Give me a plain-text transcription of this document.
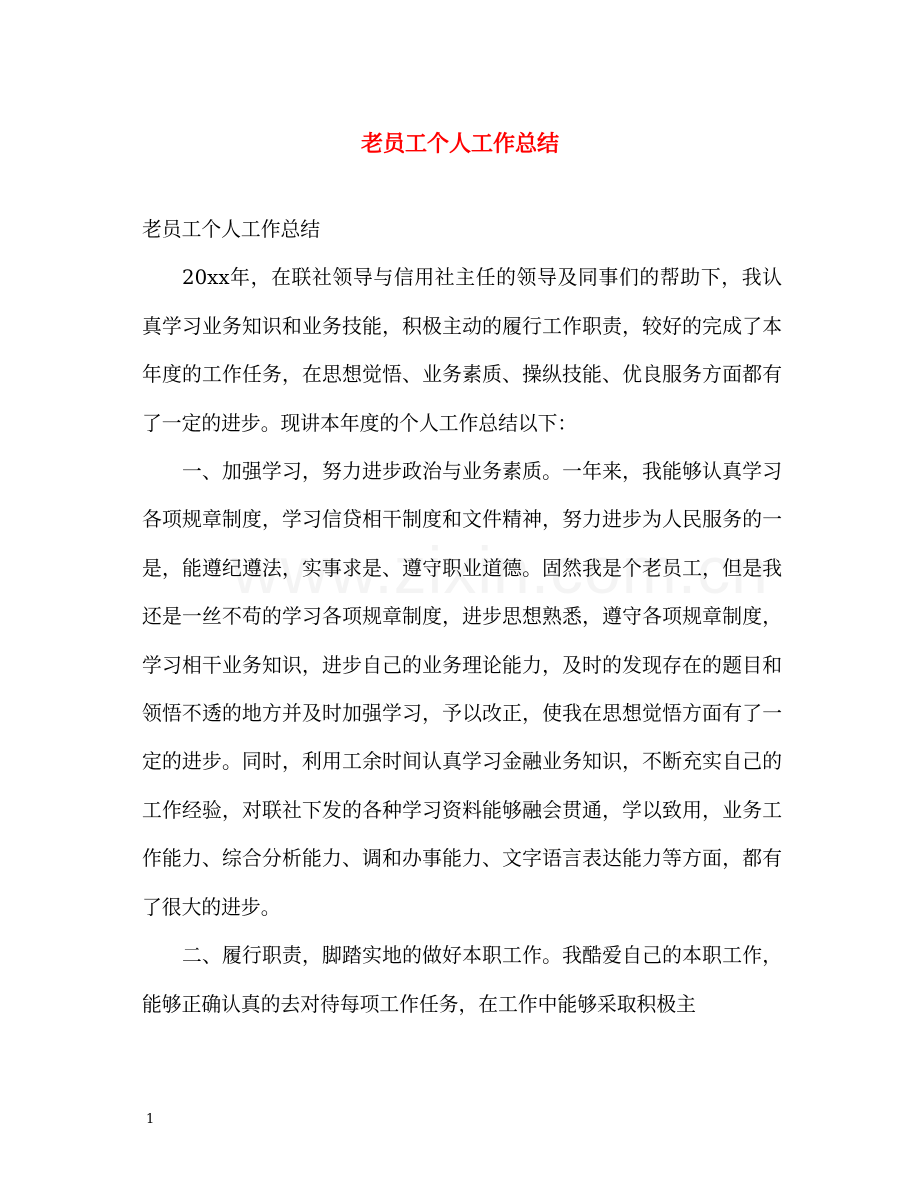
老员工个人工作总结

老员工个人工作总结

20xx年，在联社领导与信用社主任的领导及同事们的帮助下，我认真学习业务知识和业务技能，积极主动的履行工作职责，较好的完成了本年度的工作任务，在思想觉悟、业务素质、操纵技能、优良服务方面都有了一定的进步。现讲本年度的个人工作总结以下：

一、加强学习，努力进步政治与业务素质。一年来，我能够认真学习各项规章制度，学习信贷相干制度和文件精神，努力进步为人民服务的一是，能遵纪遵法，实事求是、遵守职业道德。固然我是个老员工，但是我还是一丝不苟的学习各项规章制度，进步思想熟悉，遵守各项规章制度，学习相干业务知识，进步自己的业务理论能力，及时的发现存在的题目和领悟不透的地方并及时加强学习，予以改正，使我在思想觉悟方面有了一定的进步。同时，利用工余时间认真学习金融业务知识，不断充实自己的工作经验，对联社下发的各种学习资料能够融会贯通，学以致用，业务工作能力、综合分析能力、调和办事能力、文字语言表达能力等方面，都有了很大的进步。

二、履行职责，脚踏实地的做好本职工作。我酷爱自己的本职工作，能够正确认真的去对待每项工作任务，在工作中能够采取积极主

1
